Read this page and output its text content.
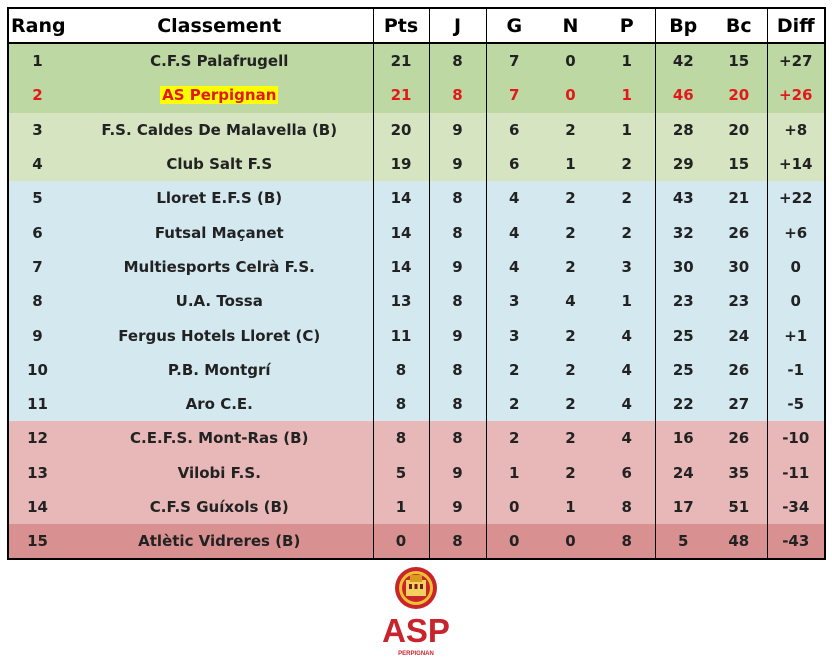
Rang	Classement	Pts	J	G	N	P	Bp	Bc	Diff
1	C.F.S Palafrugell	21	8	7	0	1	42	15	+27
2	AS Perpignan	21	8	7	0	1	46	20	+26
3	F.S. Caldes De Malavella (B)	20	9	6	2	1	28	20	+8
4	Club Salt F.S	19	9	6	1	2	29	15	+14
5	Lloret E.F.S (B)	14	8	4	2	2	43	21	+22
6	Futsal Maçanet	14	8	4	2	2	32	26	+6
7	Multiesports Celrà F.S.	14	9	4	2	3	30	30	0
8	U.A. Tossa	13	8	3	4	1	23	23	0
9	Fergus Hotels Lloret (C)	11	9	3	2	4	25	24	+1
10	P.B. Montgrí	8	8	2	2	4	25	26	-1
11	Aro C.E.	8	8	2	2	4	22	27	-5
12	C.E.F.S. Mont-Ras (B)	8	8	2	2	4	16	26	-10
13	Vilobi F.S.	5	9	1	2	6	24	35	-11
14	C.F.S Guíxols (B)	1	9	0	1	8	17	51	-34
15	Atlètic Vidreres (B)	0	8	0	0	8	5	48	-43
ASP
PERPIGNAN
